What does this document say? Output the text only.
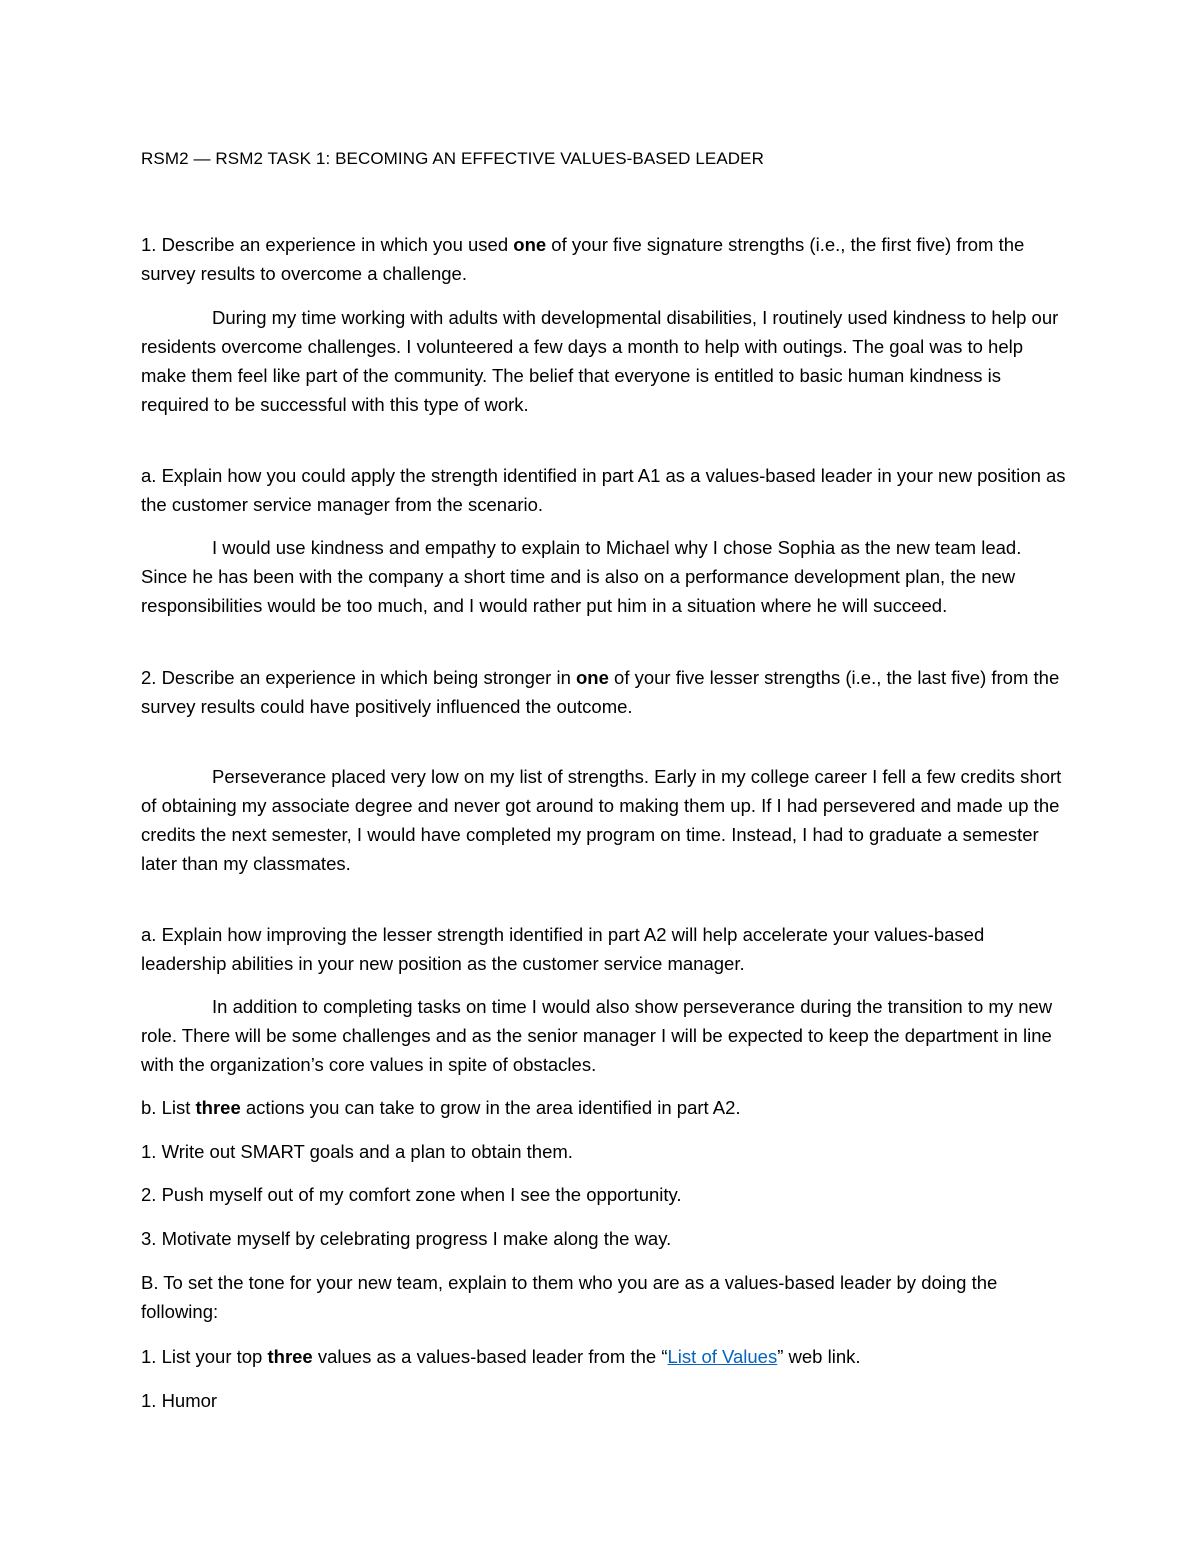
RSM2 — RSM2 TASK 1: BECOMING AN EFFECTIVE VALUES-BASED LEADER

1. Describe an experience in which you used one of your five signature strengths (i.e., the first five) from the survey results to overcome a challenge.

During my time working with adults with developmental disabilities, I routinely used kindness to help our residents overcome challenges. I volunteered a few days a month to help with outings. The goal was to help make them feel like part of the community. The belief that everyone is entitled to basic human kindness is required to be successful with this type of work.

a. Explain how you could apply the strength identified in part A1 as a values-based leader in your new position as the customer service manager from the scenario.

I would use kindness and empathy to explain to Michael why I chose Sophia as the new team lead. Since he has been with the company a short time and is also on a performance development plan, the new responsibilities would be too much, and I would rather put him in a situation where he will succeed.

2. Describe an experience in which being stronger in one of your five lesser strengths (i.e., the last five) from the survey results could have positively influenced the outcome.

Perseverance placed very low on my list of strengths. Early in my college career I fell a few credits short of obtaining my associate degree and never got around to making them up. If I had persevered and made up the credits the next semester, I would have completed my program on time. Instead, I had to graduate a semester later than my classmates.

a. Explain how improving the lesser strength identified in part A2 will help accelerate your values-based leadership abilities in your new position as the customer service manager.

In addition to completing tasks on time I would also show perseverance during the transition to my new role. There will be some challenges and as the senior manager I will be expected to keep the department in line with the organization’s core values in spite of obstacles.

b. List three actions you can take to grow in the area identified in part A2.

1. Write out SMART goals and a plan to obtain them.

2. Push myself out of my comfort zone when I see the opportunity.

3. Motivate myself by celebrating progress I make along the way.

B. To set the tone for your new team, explain to them who you are as a values-based leader by doing the following:

1. List your top three values as a values-based leader from the “List of Values” web link.

1. Humor
